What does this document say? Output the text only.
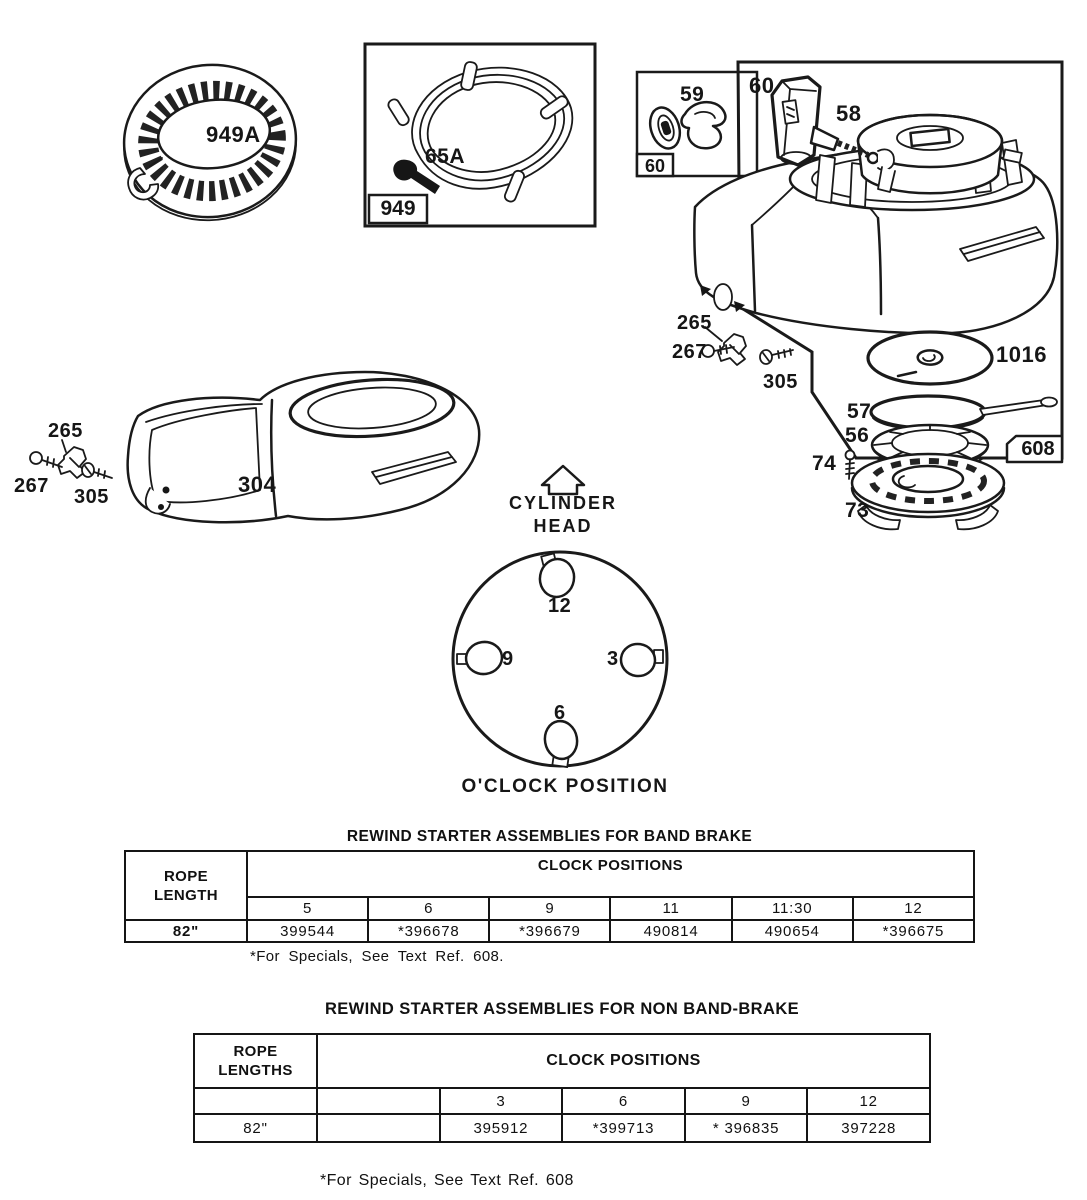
949A
65A
949
59
60
60
58
265
267
305
1016
57
56
74
73
608
265
267 305	304
CYLINDER
HEAD
12
9	3
6
O'CLOCK POSITION
REWIND STARTER ASSEMBLIES FOR BAND BRAKE
ROPE
LENGTH	CLOCK POSITIONS					
	5	6	9	11	11:30	12
82"	399544	*396678	*396679	490814	490654	*396675
*For Specials, See Text Ref. 608.
REWIND STARTER ASSEMBLIES FOR NON BAND-BRAKE
ROPE
LENGTHS	CLOCK POSITIONS				
		3	6	9	12
82"		395912	*399713	* 396835	397228
*For Specials, See Text Ref. 608
